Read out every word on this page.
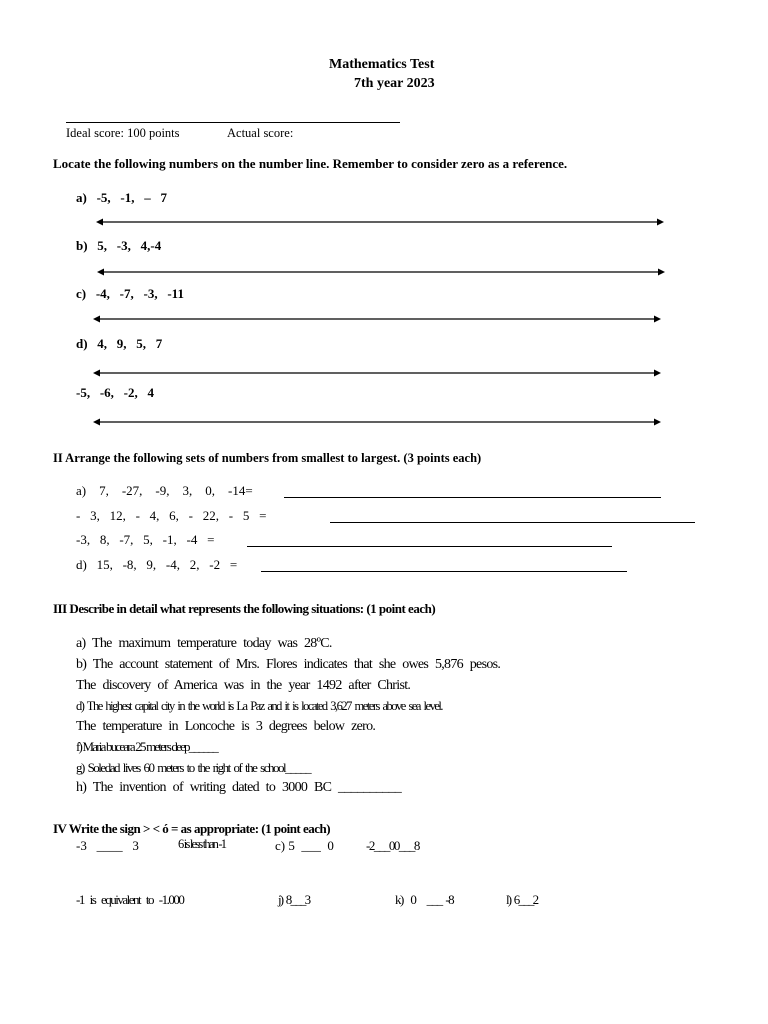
Mathematics Test
7th year 2023
Ideal score: 100 points	Actual score:
Locate the following numbers on the number line. Remember to consider zero as a reference.
a)   -5,   -1,   –   7
b)   5,   -3,   4,-4
c)   -4,   -7,   -3,   -11
d)   4,   9,   5,   7
-5,   -6,   -2,   4
II Arrange the following sets of numbers from smallest to largest. (3 points each)
a)    7,    -27,    -9,    3,    0,    -14=
-   3,   12,   -   4,   6,   -   22,   -   5   =
-3,   8,   -7,   5,   -1,   -4   =
d)   15,   -8,   9,   -4,   2,   -2   =
III Describe in detail what represents the following situations: (1 point each)
a) The maximum temperature today was 28ºC.
b) The account statement of Mrs. Flores indicates that she owes 5,876 pesos.
The discovery of America was in the year 1492 after Christ.
d) The highest capital city in the world is La Paz and it is located 3,627 meters above sea level.
The temperature in Loncoche is 3 degrees below zero.
f) Maria buceara 25 meters deep______
g) Soledad lives 60 meters to the right of the school_____
h) The invention of writing dated to 3000 BC __________
IV Write the sign > < ó = as appropriate: (1 point each)
-3   ____   3	6 is less than -1	c) 5  ___  0 -2___00___8
-1 is equivalent to -1.000	j) 8___3	k)  0   ___ -8	l) 6___2
